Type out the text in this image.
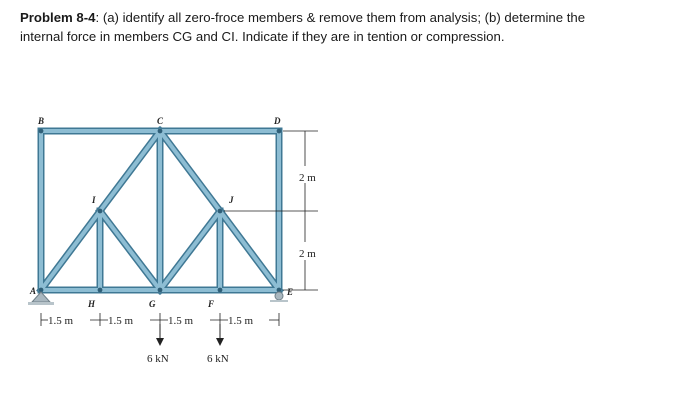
Problem 8-4: (a) identify all zero-froce members & remove them from analysis; (b) determine the
internal force in members CG and CI. Indicate if they are in tention or compression.
B	C	D
I	J
A	E
H	G	F
1.5 m	1.5 m	1.5 m	1.5 m
2 m
2 m
6 kN	6 kN
